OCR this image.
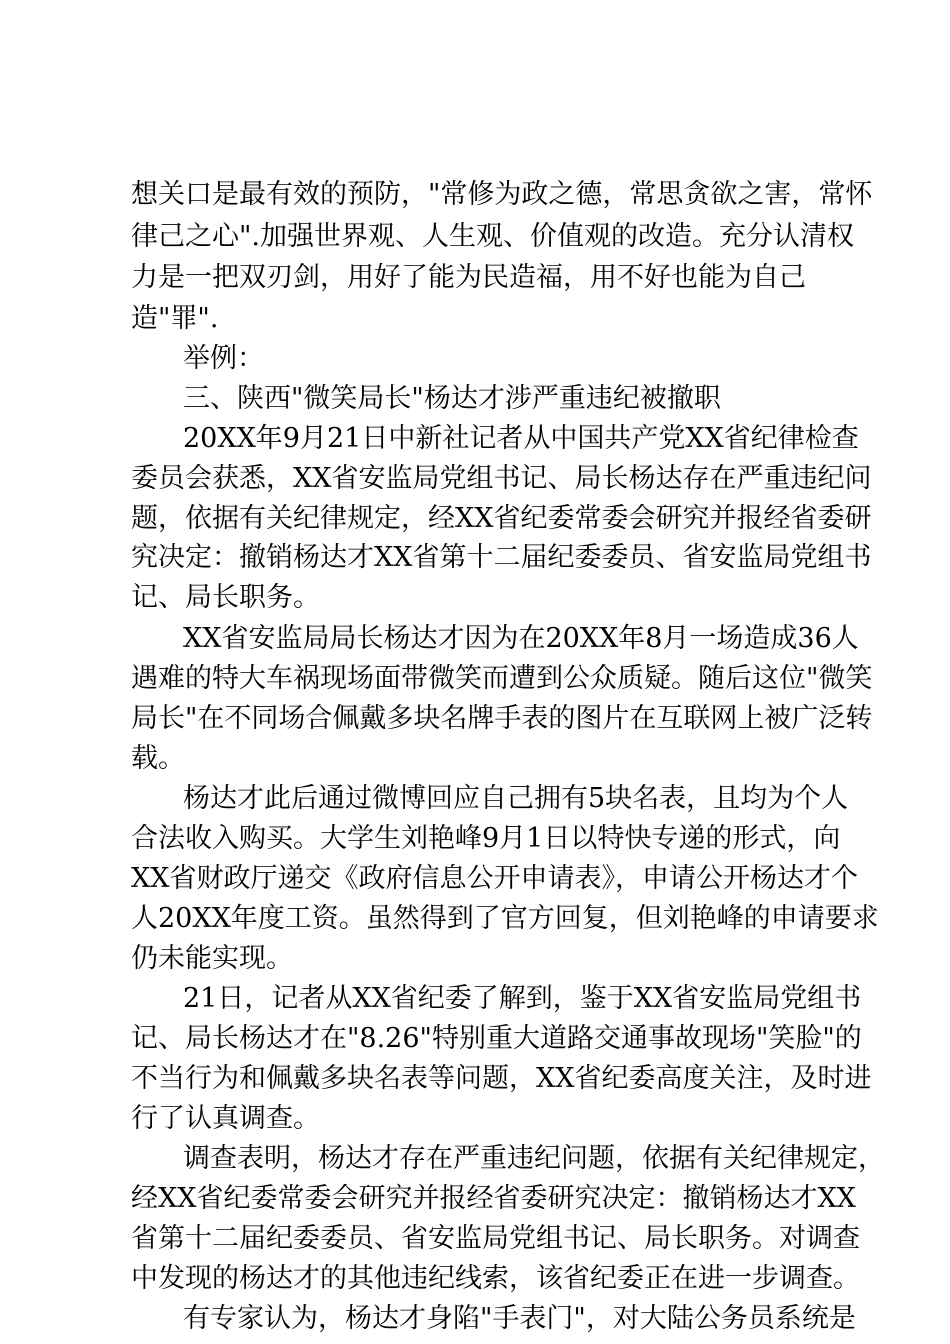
想关口是最有效的预防，"常修为政之德，常思贪欲之害，常怀
律己之心".加强世界观、人生观、价值观的改造。充分认清权
力是一把双刃剑，用好了能为民造福，用不好也能为自己
造"罪".
举例：
三、陕西"微笑局长"杨达才涉严重违纪被撤职
20XX年9月21日中新社记者从中国共产党XX省纪律检查
委员会获悉，XX省安监局党组书记、局长杨达存在严重违纪问
题，依据有关纪律规定，经XX省纪委常委会研究并报经省委研
究决定：撤销杨达才XX省第十二届纪委委员、省安监局党组书
记、局长职务。
XX省安监局局长杨达才因为在20XX年8月一场造成36人
遇难的特大车祸现场面带微笑而遭到公众质疑。随后这位"微笑
局长"在不同场合佩戴多块名牌手表的图片在互联网上被广泛转
载。
杨达才此后通过微博回应自己拥有5块名表，且均为个人
合法收入购买。大学生刘艳峰9月1日以特快专递的形式，向
XX省财政厅递交《政府信息公开申请表》，申请公开杨达才个
人20XX年度工资。虽然得到了官方回复，但刘艳峰的申请要求
仍未能实现。
21日，记者从XX省纪委了解到，鉴于XX省安监局党组书
记、局长杨达才在"8.26"特别重大道路交通事故现场"笑脸"的
不当行为和佩戴多块名表等问题，XX省纪委高度关注，及时进
行了认真调查。
调查表明，杨达才存在严重违纪问题，依据有关纪律规定，
经XX省纪委常委会研究并报经省委研究决定：撤销杨达才XX
省第十二届纪委委员、省安监局党组书记、局长职务。对调查
中发现的杨达才的其他违纪线索，该省纪委正在进一步调查。
有专家认为，杨达才身陷"手表门"，对大陆公务员系统是
